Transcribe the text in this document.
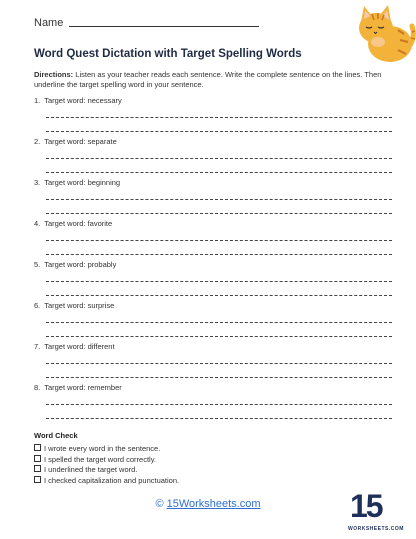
Name
Word Quest Dictation with Target Spelling Words
Directions: Listen as your teacher reads each sentence. Write the complete sentence on the lines. Then underline the target spelling word in your sentence.
1. Target word: necessary
2. Target word: separate
3. Target word: beginning
4. Target word: favorite
5. Target word: probably
6. Target word: surprise
7. Target word: different
8. Target word: remember
Word Check
I wrote every word in the sentence.
I spelled the target word correctly.
I underlined the target word.
I checked capitalization and punctuation.
© 15Worksheets.com	15
WORKSHEETS.COM
